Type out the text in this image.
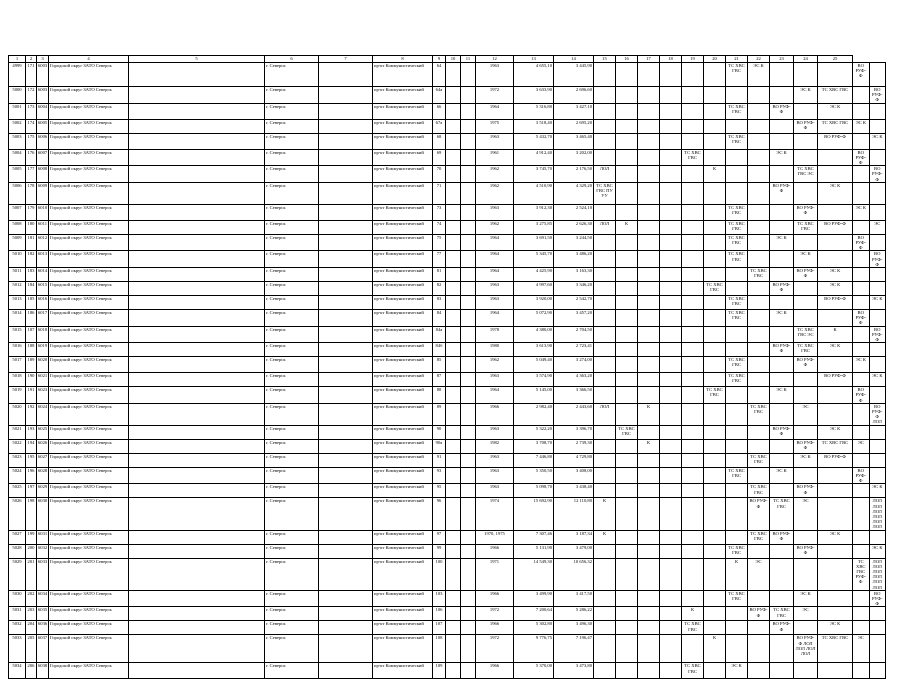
1	2	3	4	5	6	7	8	9	10	11	12	13	14	15	16	17	18	19	20	21	22	23	24	25		
4999	171	6003	Городской округ ЗАТО Северск		г. Северск		пр-кт Коммунистический	64			1963	4 655,10	3 445,90							ТС ХВС ГВС	ЭС К				ВО РУФ-Ф	
5000	172	6003	Городской округ ЗАТО Северск		г. Северск		пр-кт Коммунистический	64а			1972	3 633,90	2 696,60										ЭС К	ТС ХВС ГВС		ВО РУФ-Ф
5001	173	6004	Городской округ ЗАТО Северск		г. Северск		пр-кт Коммунистический	66			1964	5 316,80	3 427,10							ТС ХВС ГВС		ВО РУФ-Ф		ЭС К		
5002	174	6005	Городской округ ЗАТО Северск		г. Северск		пр-кт Коммунистический	67а			1975	3 518,40	2 695,20										ВО РУФ-Ф	ТС ХВС ГВС	ЭС К	
5003	175	6006	Городской округ ЗАТО Северск		г. Северск		пр-кт Коммунистический	68			1963	5 432,70	3 465,40							ТС ХВС ГВС				ВО РУФ-Ф		ЭС К
5004	176	6007	Городской округ ЗАТО Северск		г. Северск		пр-кт Коммунистический	69			1961	4 912,40	3 202,00					ТС ХВС ГВС				ЭС К			ВО РУФ-Ф	
5005	177	6008	Городской округ ЗАТО Северск		г. Северск		пр-кт Коммунистический	70			1962	3 745,70	2 176,50	ЛОЛ					К				ТС ХВС ГВС ЭС			ВО РУФ-Ф
5006	178	6009	Городской округ ЗАТО Северск		г. Северск		пр-кт Коммунистический	71			1962	4 510,90	4 329,20	ТС ХВС ГВС ПУ УУ								ВО РУФ-Ф		ЭС К		
5007	179	6010	Городской округ ЗАТО Северск		г. Северск		пр-кт Коммунистический	73			1963	3 912,30	2 524,10							ТС ХВС ГВС			ВО РУФ-Ф		ЭС К	
5008	180	6011	Городской округ ЗАТО Северск		г. Северск		пр-кт Коммунистический	74			1962	3 275,85	2 626,30	ЛОЛ	К					ТС ХВС ГВС			ТС ХВС ГВС	ВО РУФ-Ф		ЭС
5009	181	6012	Городской округ ЗАТО Северск		г. Северск		пр-кт Коммунистический	75			1964	3 691,50	3 244,50							ТС ХВС ГВС		ЭС К			ВО РУФ-Ф	
5010	182	6013	Городской округ ЗАТО Северск		г. Северск		пр-кт Коммунистический	77			1964	5 345,70	3 486,20							ТС ХВС ГВС			ЭС К			ВО РУФ-Ф
5011	183	6014	Городской округ ЗАТО Северск		г. Северск		пр-кт Коммунистический	81			1964	4 425,90	3 163,30								ТС ХВС ГВС		ВО РУФ-Ф	ЭС К		
5012	184	6015	Городской округ ЗАТО Северск		г. Северск		пр-кт Коммунистический	82			1963	4 997,60	3 346,20						ТС ХВС ГВС			ВО РУФ-Ф		ЭС К		
5013	185	6016	Городской округ ЗАТО Северск		г. Северск		пр-кт Коммунистический	83			1963	3 920,00	2 542,70							ТС ХВС ГВС				ВО РУФ-Ф		ЭС К
5014	186	6017	Городской округ ЗАТО Северск		г. Северск		пр-кт Коммунистический	84			1964	5 072,90	3 457,20							ТС ХВС ГВС		ЭС К			ВО РУФ-Ф	
5015	187	6018	Городской округ ЗАТО Северск		г. Северск		пр-кт Коммунистический	84а			1978	4 380,00	2 704,50										ТС ХВС ГВС ЭС	К		ВО РУФ-Ф
5016	188	6019	Городской округ ЗАТО Северск		г. Северск		пр-кт Коммунистический	84б			1980	3 613,90	2 723,41									ВО РУФ-Ф	ТС ХВС ГВС	ЭС К		
5017	189	6020	Городской округ ЗАТО Северск		г. Северск		пр-кт Коммунистический	85			1962	5 049,40	3 274,00							ТС ХВС ГВС			ВО РУФ-Ф		ЭС К	
5018	190	6021	Городской округ ЗАТО Северск		г. Северск		пр-кт Коммунистический	87			1963	3 574,90	4 363,20							ТС ХВС ГВС				ВО РУФ-Ф		ЭС К
5019	191	6023	Городской округ ЗАТО Северск		г. Северск		пр-кт Коммунистический	88			1964	5 145,00	3 366,50						ТС ХВС ГВС			ЭС К			ВО РУФ-Ф	
5020	192	6024	Городской округ ЗАТО Северск		г. Северск		пр-кт Коммунистический	89			1966	2 982,40	2 443,60	ЛОЛ		К					ТС ХВС ГВС		ЭС			ВО РУФ-Ф ЛОЛ
5021	193	6025	Городской округ ЗАТО Северск		г. Северск		пр-кт Коммунистический	90			1963	5 322,20	3 396,70		ТС ХВС ГВС							ВО РУФ-Ф		ЭС К		
5022	194	6026	Городской округ ЗАТО Северск		г. Северск		пр-кт Коммунистический	90а			1982	3 708,70	2 739,30			К							ВО РУФ-Ф	ТС ХВС ГВС	ЭС	
5023	195	6027	Городской округ ЗАТО Северск		г. Северск		пр-кт Коммунистический	91			1963	7 446,80	4 729,80								ТС ХВС ГВС		ЭС К	ВО РУФ-Ф		
5024	196	6028	Городской округ ЗАТО Северск		г. Северск		пр-кт Коммунистический	93			1963	5 350,50	3 408,00							ТС ХВС ГВС		ЭС К			ВО РУФ-Ф	
5025	197	6029	Городской округ ЗАТО Северск		г. Северск		пр-кт Коммунистический	95			1963	5 098,70	3 438,40								ТС ХВС ГВС		ВО РУФ-Ф			ЭС К
5026	198	6030	Городской округ ЗАТО Северск		г. Северск		пр-кт Коммунистический	96			1974	15 692,90	12 110,80	К							ВО РУФ-Ф	ТС ХВС ГВС	ЭС			ЛОЛ ЛОЛ ЛОЛ ЛОЛ ЛОЛ ЛОЛ
5027	199	6031	Городской округ ЗАТО Северск		г. Северск		пр-кт Коммунистический	97			1970, 1975	7 307,46	3 187,34	К							ТС ХВС ГВС	ВО РУФ-Ф		ЭС К		
5028	200	6032	Городской округ ЗАТО Северск		г. Северск		пр-кт Коммунистический	99			1966	5 131,90	3 479,00							ТС ХВС ГВС			ВО РУФ-Ф			ЭС К
5029	201	6033	Городской округ ЗАТО Северск		г. Северск		пр-кт Коммунистический	100			1971	14 549,30	10 656,32							К	ЭС				ТС ХВС ГВС РУФ-Ф	ЛОЛ ЛОЛ ЛОЛ ЛОЛ ЛОЛ ЛОЛ
5030	202	6034	Городской округ ЗАТО Северск		г. Северск		пр-кт Коммунистический	103			1966	3 499,90	3 417,50							ТС ХВС ГВС			ЭС К			ВО РУФ-Ф
5031	203	6035	Городской округ ЗАТО Северск		г. Северск		пр-кт Коммунистический	106			1972	7 200,64	5 286,22					К			ВО РУФ-Ф	ТС ХВС ГВС	ЭС			
5032	204	6036	Городской округ ЗАТО Северск		г. Северск		пр-кт Коммунистический	107			1966	5 302,80	3 496,30					ТС ХВС ГВС				ВО РУФ-Ф		ЭС К		
5033	205	6037	Городской округ ЗАТО Северск		г. Северск		пр-кт Коммунистический	108			1972	9 776,75	7 196,47						К				ВО РУФ-Ф ЛОЛ ЛОЛ ЛОЛ ЛОЛ	ТС ХВС ГВС	ЭС	
5034	206	6038	Городской округ ЗАТО Северск		г. Северск		пр-кт Коммунистический	109			1966	5 370,00	3 473,80					ТС ХВС ГВС		ЭС К						
